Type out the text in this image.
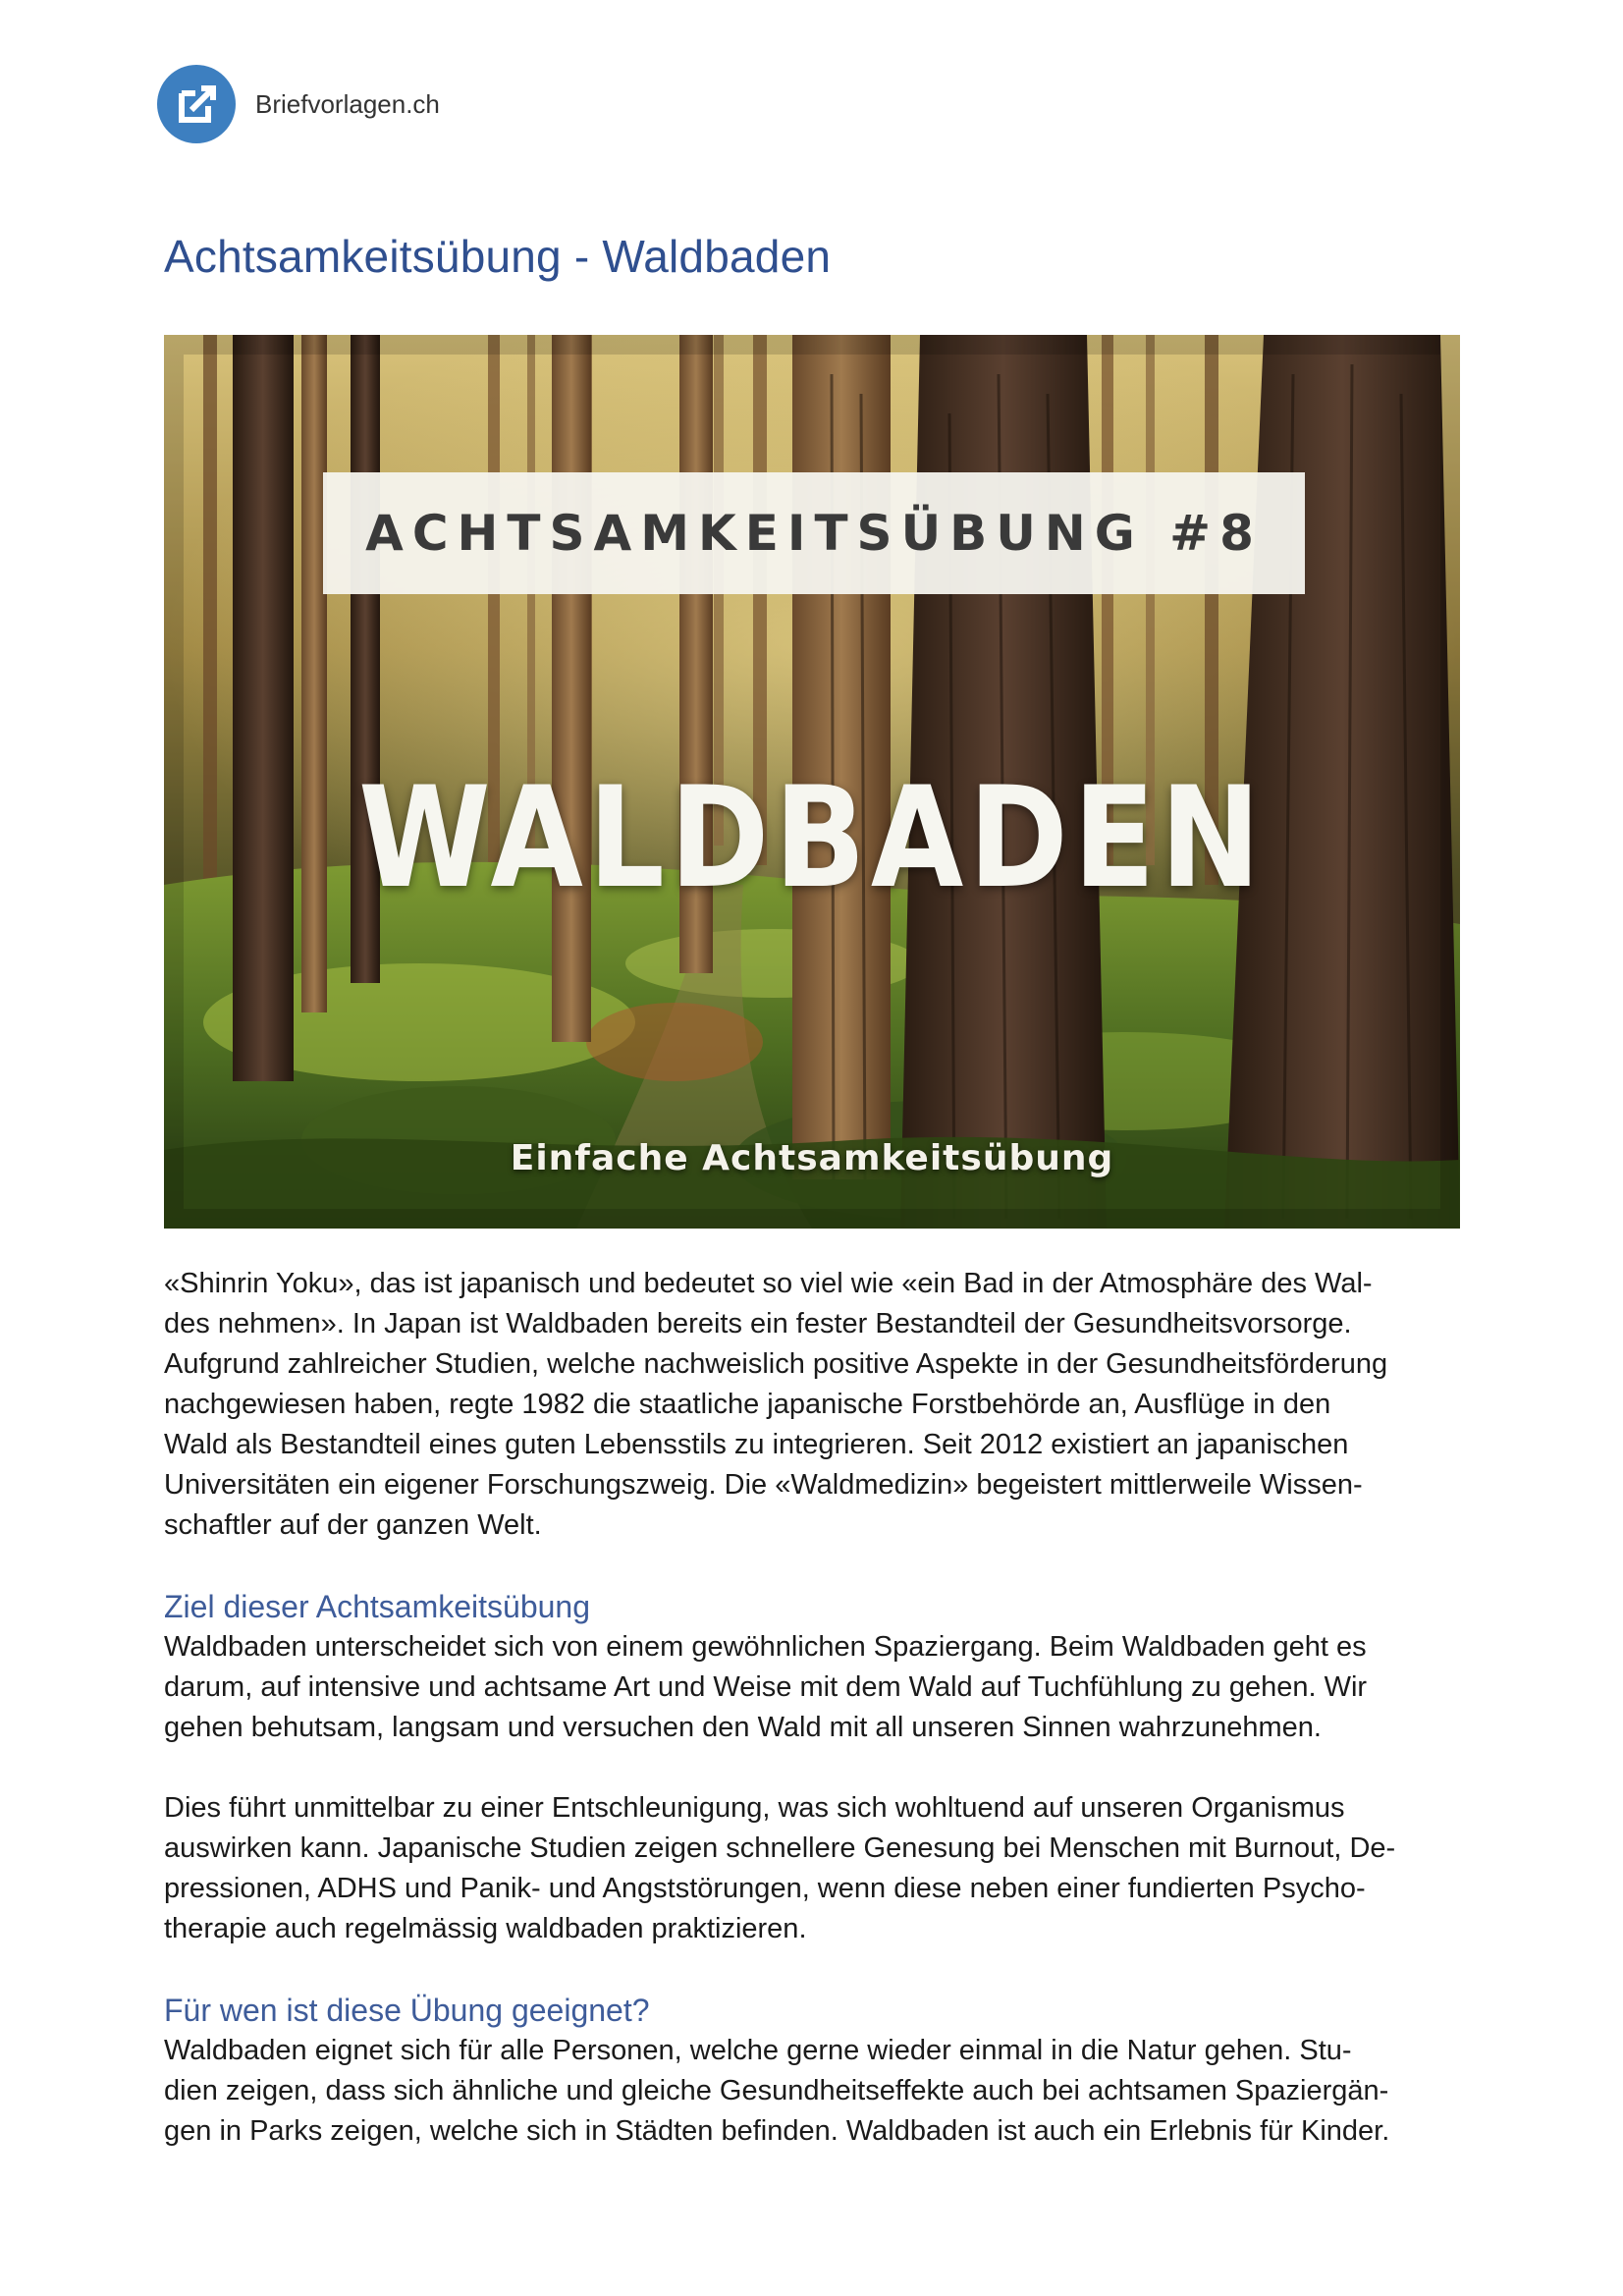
Briefvorlagen.ch
Achtsamkeitsübung - Waldbaden
ACHTSAMKEITSÜBUNG #8
WALDBADEN
Einfache Achtsamkeitsübung

«Shinrin Yoku», das ist japanisch und bedeutet so viel wie «ein Bad in der Atmosphäre des Wal-
des nehmen». In Japan ist Waldbaden bereits ein fester Bestandteil der Gesundheitsvorsorge.
Aufgrund zahlreicher Studien, welche nachweislich positive Aspekte in der Gesundheitsförderung
nachgewiesen haben, regte 1982 die staatliche japanische Forstbehörde an, Ausflüge in den
Wald als Bestandteil eines guten Lebensstils zu integrieren. Seit 2012 existiert an japanischen
Universitäten ein eigener Forschungszweig. Die «Waldmedizin» begeistert mittlerweile Wissen-
schaftler auf der ganzen Welt.

Ziel dieser Achtsamkeitsübung

Waldbaden unterscheidet sich von einem gewöhnlichen Spaziergang. Beim Waldbaden geht es
darum, auf intensive und achtsame Art und Weise mit dem Wald auf Tuchfühlung zu gehen. Wir
gehen behutsam, langsam und versuchen den Wald mit all unseren Sinnen wahrzunehmen.

Dies führt unmittelbar zu einer Entschleunigung, was sich wohltuend auf unseren Organismus
auswirken kann. Japanische Studien zeigen schnellere Genesung bei Menschen mit Burnout, De-
pressionen, ADHS und Panik- und Angststörungen, wenn diese neben einer fundierten Psycho-
therapie auch regelmässig waldbaden praktizieren.

Für wen ist diese Übung geeignet?

Waldbaden eignet sich für alle Personen, welche gerne wieder einmal in die Natur gehen. Stu-
dien zeigen, dass sich ähnliche und gleiche Gesundheitseffekte auch bei achtsamen Spaziergän-
gen in Parks zeigen, welche sich in Städten befinden. Waldbaden ist auch ein Erlebnis für Kinder.
